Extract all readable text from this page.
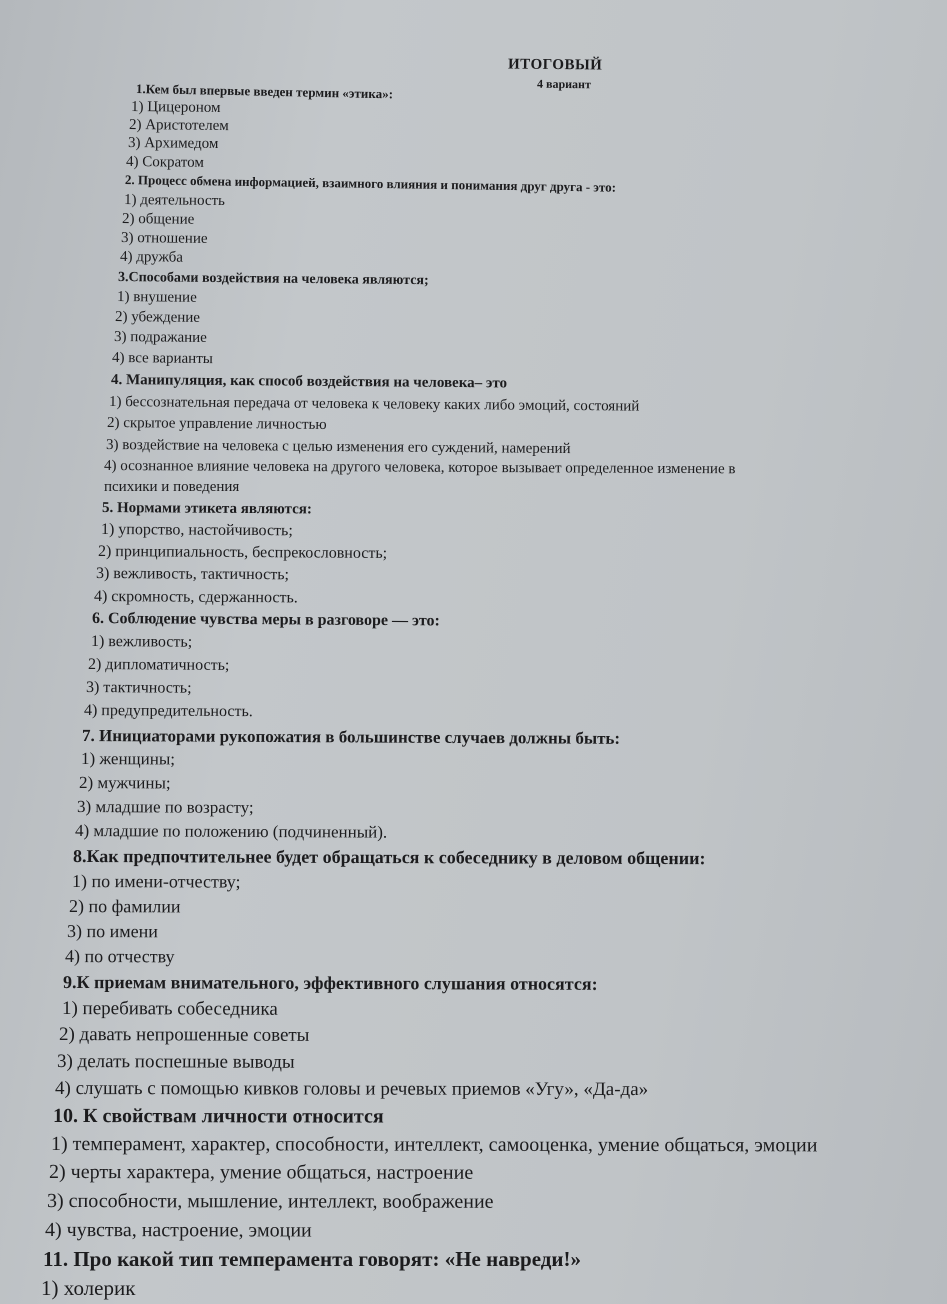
ИТОГОВЫЙ
4 вариант
1.Кем был впервые введен термин «этика»:
1) Цицероном
2) Аристотелем
3) Архимедом
4) Сократом
2. Процесс обмена информацией, взаимного влияния и понимания друг друга - это:
1) деятельность
2) общение
3) отношение
4) дружба
3.Способами воздействия на человека являются;
1) внушение
2) убеждение
3) подражание
4) все варианты
4. Манипуляция, как способ воздействия на человека– это
1) бессознательная передача от человека к человеку каких либо эмоций, состояний
2) скрытое управление личностью
3) воздействие на человека с целью изменения его суждений, намерений
4) осознанное влияние человека на другого человека, которое вызывает определенное изменение в
психики и поведения
5. Нормами этикета являются:
1) упорство, настойчивость;
2) принципиальность, беспрекословность;
3) вежливость, тактичность;
4) скромность, сдержанность.
6. Соблюдение чувства меры в разговоре — это:
1) вежливость;
2) дипломатичность;
3) тактичность;
4) предупредительность.
7. Инициаторами рукопожатия в большинстве случаев должны быть:
1) женщины;
2) мужчины;
3) младшие по возрасту;
4) младшие по положению (подчиненный).
8.Как предпочтительнее будет обращаться к собеседнику в деловом общении:
1) по имени-отчеству;
2) по фамилии
3) по имени
4) по отчеству
9.К приемам внимательного, эффективного слушания относятся:
1) перебивать собеседника
2) давать непрошенные советы
3) делать поспешные выводы
4) слушать с помощью кивков головы и речевых приемов «Угу», «Да-да»
10. К свойствам личности относится
1) темперамент, характер, способности, интеллект, самооценка, умение общаться, эмоции
2) черты характера, умение общаться, настроение
3) способности, мышление, интеллект, воображение
4) чувства, настроение, эмоции
11. Про какой тип темперамента говорят: «Не навреди!»
1) холерик
